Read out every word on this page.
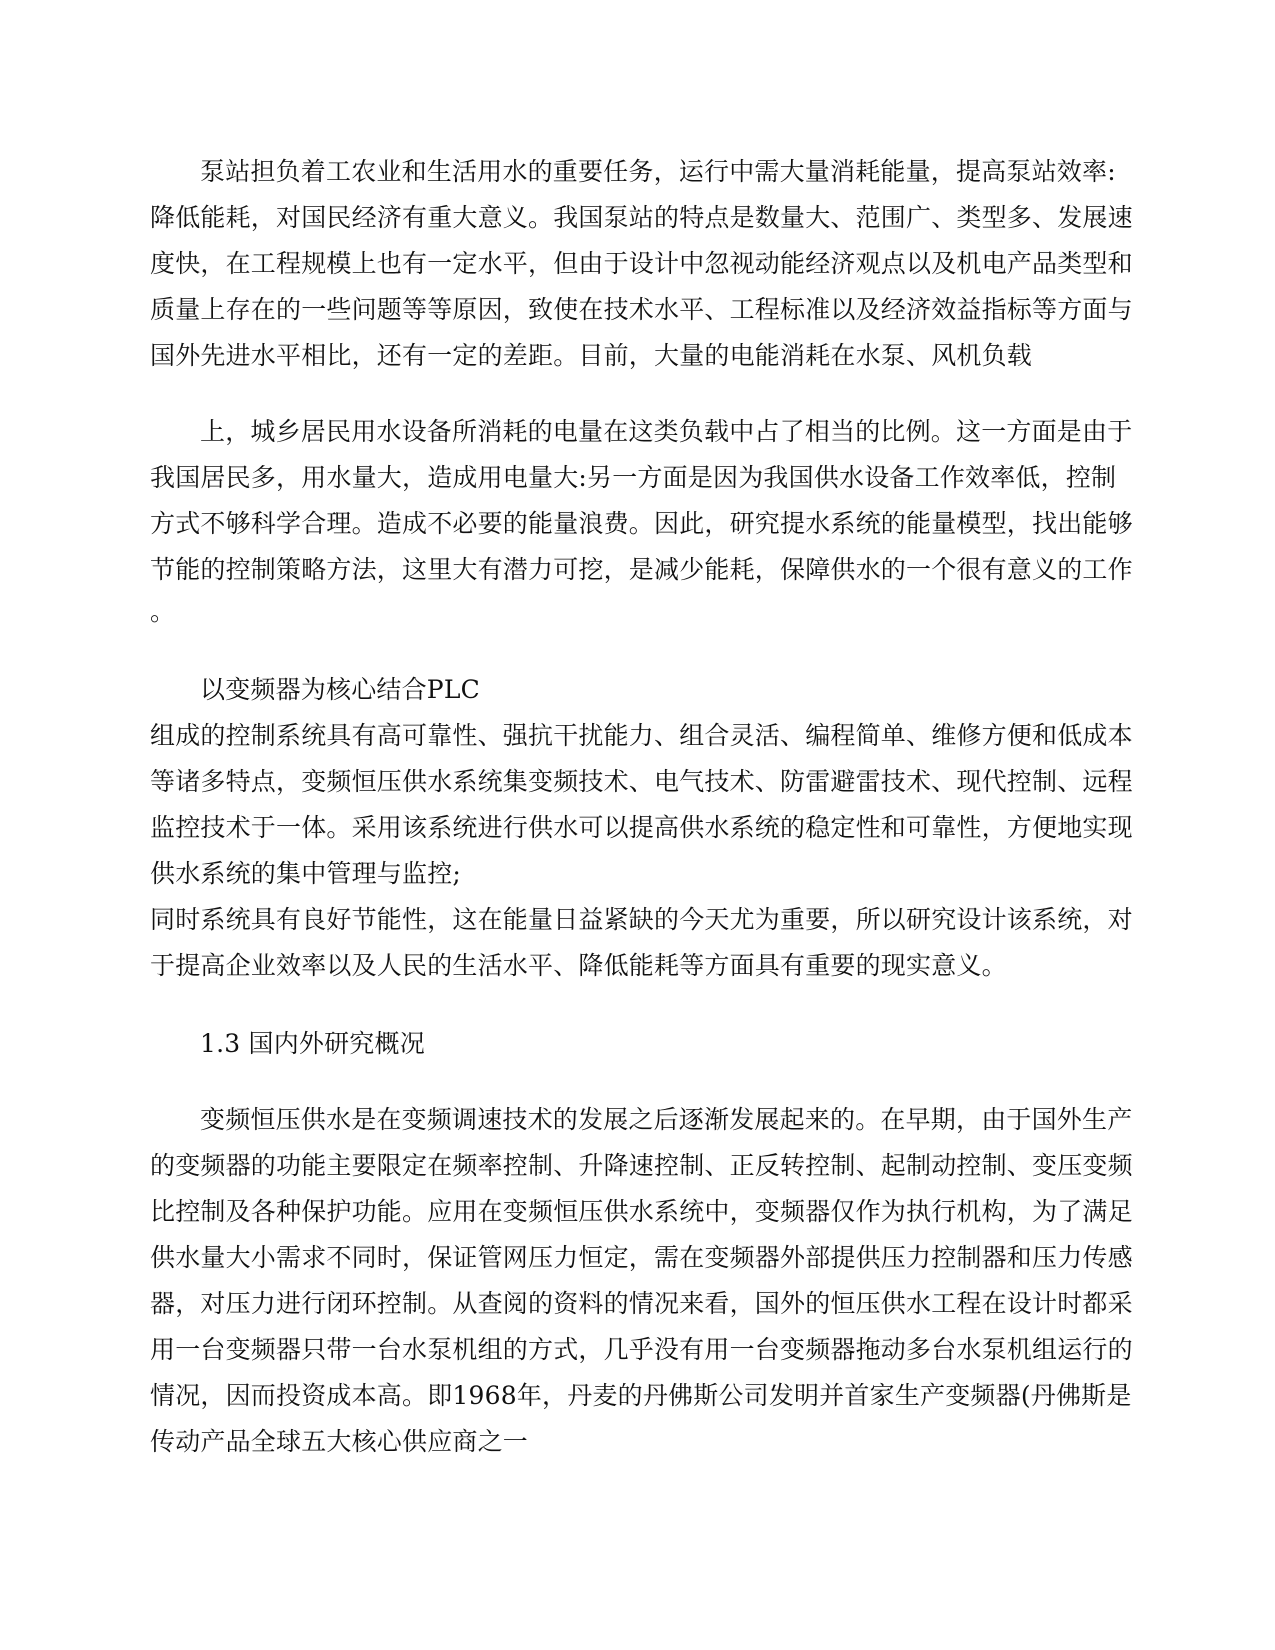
泵站担负着工农业和生活用水的重要任务，运行中需大量消耗能量，提高泵站效率:
降低能耗，对国民经济有重大意义。我国泵站的特点是数量大、范围广、类型多、发展速
度快，在工程规模上也有一定水平，但由于设计中忽视动能经济观点以及机电产品类型和
质量上存在的一些问题等等原因，致使在技术水平、工程标准以及经济效益指标等方面与
国外先进水平相比，还有一定的差距。目前，大量的电能消耗在水泵、风机负载
上，城乡居民用水设备所消耗的电量在这类负载中占了相当的比例。这一方面是由于
我国居民多，用水量大，造成用电量大:另一方面是因为我国供水设备工作效率低，控制
方式不够科学合理。造成不必要的能量浪费。因此，研究提水系统的能量模型，找出能够
节能的控制策略方法，这里大有潜力可挖，是减少能耗，保障供水的一个很有意义的工作
。
以变频器为核心结合PLC
组成的控制系统具有高可靠性、强抗干扰能力、组合灵活、编程简单、维修方便和低成本
等诸多特点，变频恒压供水系统集变频技术、电气技术、防雷避雷技术、现代控制、远程
监控技术于一体。采用该系统进行供水可以提高供水系统的稳定性和可靠性，方便地实现
供水系统的集中管理与监控;
同时系统具有良好节能性，这在能量日益紧缺的今天尤为重要，所以研究设计该系统，对
于提高企业效率以及人民的生活水平、降低能耗等方面具有重要的现实意义。
1.3 国内外研究概况
变频恒压供水是在变频调速技术的发展之后逐渐发展起来的。在早期，由于国外生产
的变频器的功能主要限定在频率控制、升降速控制、正反转控制、起制动控制、变压变频
比控制及各种保护功能。应用在变频恒压供水系统中，变频器仅作为执行机构，为了满足
供水量大小需求不同时，保证管网压力恒定，需在变频器外部提供压力控制器和压力传感
器，对压力进行闭环控制。从查阅的资料的情况来看，国外的恒压供水工程在设计时都采
用一台变频器只带一台水泵机组的方式，几乎没有用一台变频器拖动多台水泵机组运行的
情况，因而投资成本高。即1968年，丹麦的丹佛斯公司发明并首家生产变频器(丹佛斯是
传动产品全球五大核心供应商之一
